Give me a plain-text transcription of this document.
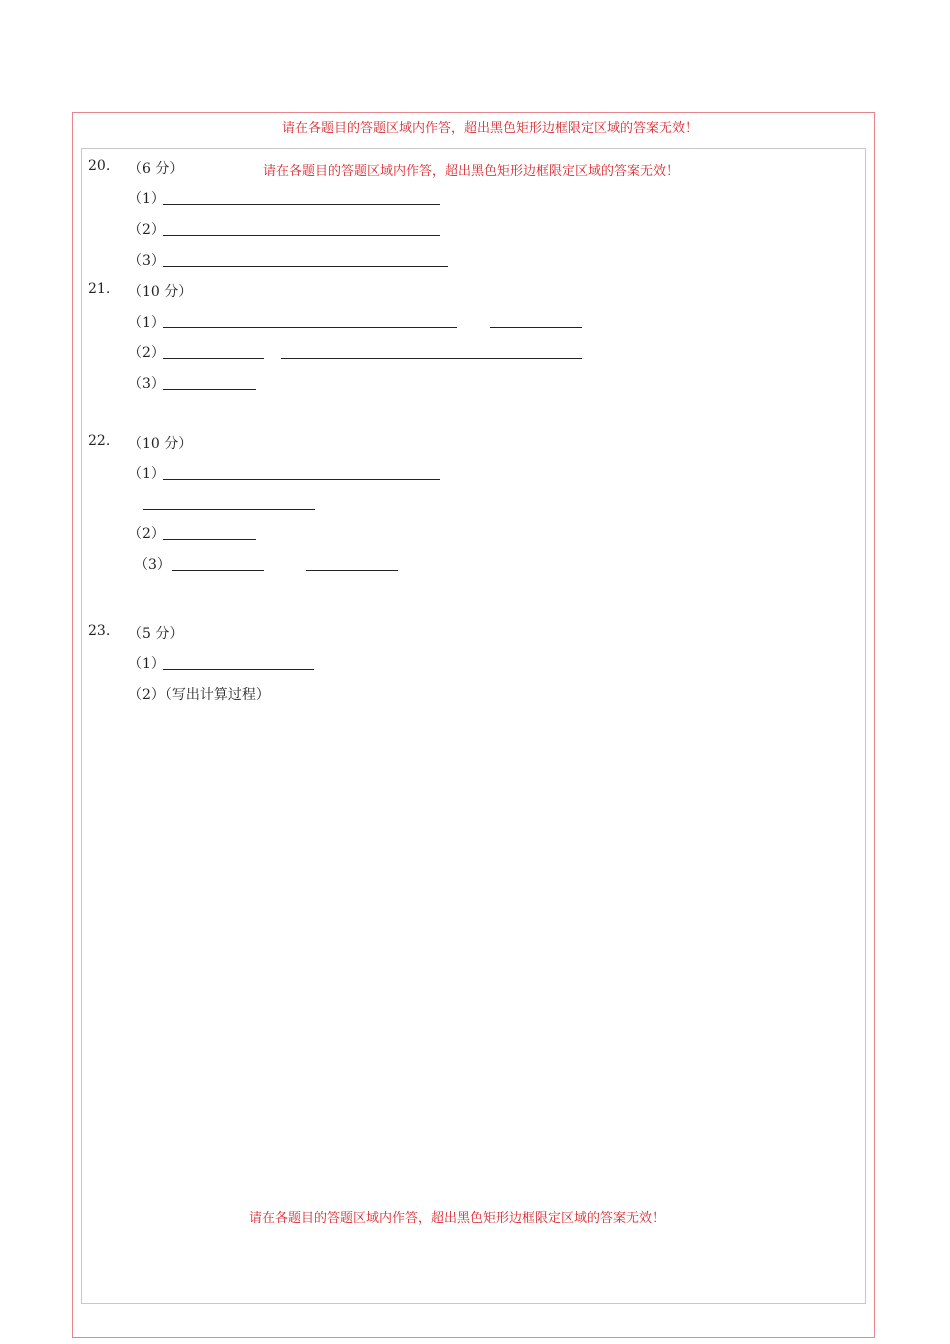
请在各题目的答题区域内作答，超出黑色矩形边框限定区域的答案无效！
请在各题目的答题区域内作答，超出黑色矩形边框限定区域的答案无效！
请在各题目的答题区域内作答，超出黑色矩形边框限定区域的答案无效！
20. （6 分）
（1）
（2）
（3）
21. （10 分）
（1）
（2）
（3）
22. （10 分）
（1）
（2）
（3）
23. （5 分）
（1）
（2）（写出计算过程）
